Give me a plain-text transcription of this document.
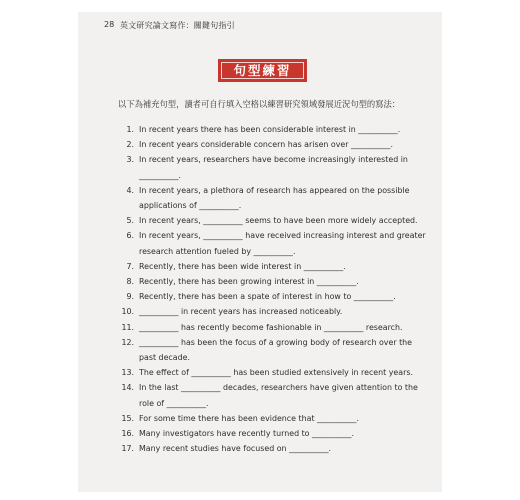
28 英文研究論文寫作：關鍵句指引
句型練習
以下為補充句型，讀者可自行填入空格以練習研究領域發展近況句型的寫法：
1. In recent years there has been considerable interest in __________.
2. In recent years considerable concern has arisen over __________.
3. In recent years, researchers have become increasingly interested in __________.
4. In recent years, a plethora of research has appeared on the possible applications of __________.
5. In recent years, __________ seems to have been more widely accepted.
6. In recent years, __________ have received increasing interest and greater research attention fueled by __________.
7. Recently, there has been wide interest in __________.
8. Recently, there has been growing interest in __________.
9. Recently, there has been a spate of interest in how to __________.
10. __________ in recent years has increased noticeably.
11. __________ has recently become fashionable in __________ research.
12. __________ has been the focus of a growing body of research over the past decade.
13. The effect of __________ has been studied extensively in recent years.
14. In the last __________ decades, researchers have given attention to the role of __________.
15. For some time there has been evidence that __________.
16. Many investigators have recently turned to __________.
17. Many recent studies have focused on __________.
